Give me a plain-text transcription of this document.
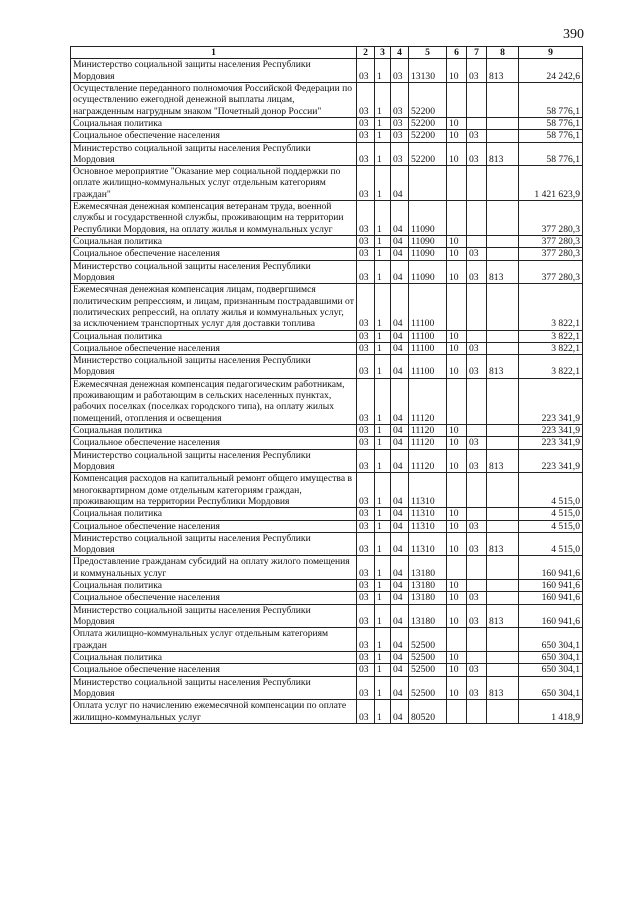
390
1	2	3	4	5	6	7	8	9
Министерство социальной защиты населения Республики Мордовия	03	1	03	13130	10	03	813	24 242,6
Осуществление переданного полномочия Российской Федерации по осуществлению ежегодной денежной выплаты лицам, награжденным нагрудным знаком "Почетный донор России"	03	1	03	52200				58 776,1
Социальная политика	03	1	03	52200	10			58 776,1
Социальное обеспечение населения	03	1	03	52200	10	03		58 776,1
Министерство социальной защиты населения Республики Мордовия	03	1	03	52200	10	03	813	58 776,1
Основное мероприятие "Оказание мер социальной поддержки по оплате жилищно-коммунальных услуг отдельным категориям граждан"	03	1	04					1 421 623,9
Ежемесячная денежная компенсация ветеранам труда, военной службы и государственной службы, проживающим на территории Республики Мордовия, на оплату жилья и коммунальных услуг	03	1	04	11090				377 280,3
Социальная политика	03	1	04	11090	10			377 280,3
Социальное обеспечение населения	03	1	04	11090	10	03		377 280,3
Министерство социальной защиты населения Республики Мордовия	03	1	04	11090	10	03	813	377 280,3
Ежемесячная денежная компенсация лицам, подвергшимся политическим репрессиям, и лицам, признанным пострадавшими от политических репрессий, на оплату жилья и коммунальных услуг, за исключением транспортных услуг для доставки топлива	03	1	04	11100				3 822,1
Социальная политика	03	1	04	11100	10			3 822,1
Социальное обеспечение населения	03	1	04	11100	10	03		3 822,1
Министерство социальной защиты населения Республики Мордовия	03	1	04	11100	10	03	813	3 822,1
Ежемесячная денежная компенсация педагогическим работникам, проживающим и работающим в сельских населенных пунктах, рабочих поселках (поселках городского типа), на оплату жилых помещений, отопления и освещения	03	1	04	11120				223 341,9
Социальная политика	03	1	04	11120	10			223 341,9
Социальное обеспечение населения	03	1	04	11120	10	03		223 341,9
Министерство социальной защиты населения Республики Мордовия	03	1	04	11120	10	03	813	223 341,9
Компенсация расходов на капитальный ремонт общего имущества в многоквартирном доме отдельным категориям граждан, проживающим на территории Республики Мордовия	03	1	04	11310				4 515,0
Социальная политика	03	1	04	11310	10			4 515,0
Социальное обеспечение населения	03	1	04	11310	10	03		4 515,0
Министерство социальной защиты населения Республики Мордовия	03	1	04	11310	10	03	813	4 515,0
Предоставление гражданам субсидий на оплату жилого помещения и коммунальных услуг	03	1	04	13180				160 941,6
Социальная политика	03	1	04	13180	10			160 941,6
Социальное обеспечение населения	03	1	04	13180	10	03		160 941,6
Министерство социальной защиты населения Республики Мордовия	03	1	04	13180	10	03	813	160 941,6
Оплата жилищно-коммунальных услуг отдельным категориям граждан	03	1	04	52500				650 304,1
Социальная политика	03	1	04	52500	10			650 304,1
Социальное обеспечение населения	03	1	04	52500	10	03		650 304,1
Министерство социальной защиты населения Республики Мордовия	03	1	04	52500	10	03	813	650 304,1
Оплата услуг по начислению ежемесячной компенсации по оплате жилищно-коммунальных услуг	03	1	04	80520				1 418,9
